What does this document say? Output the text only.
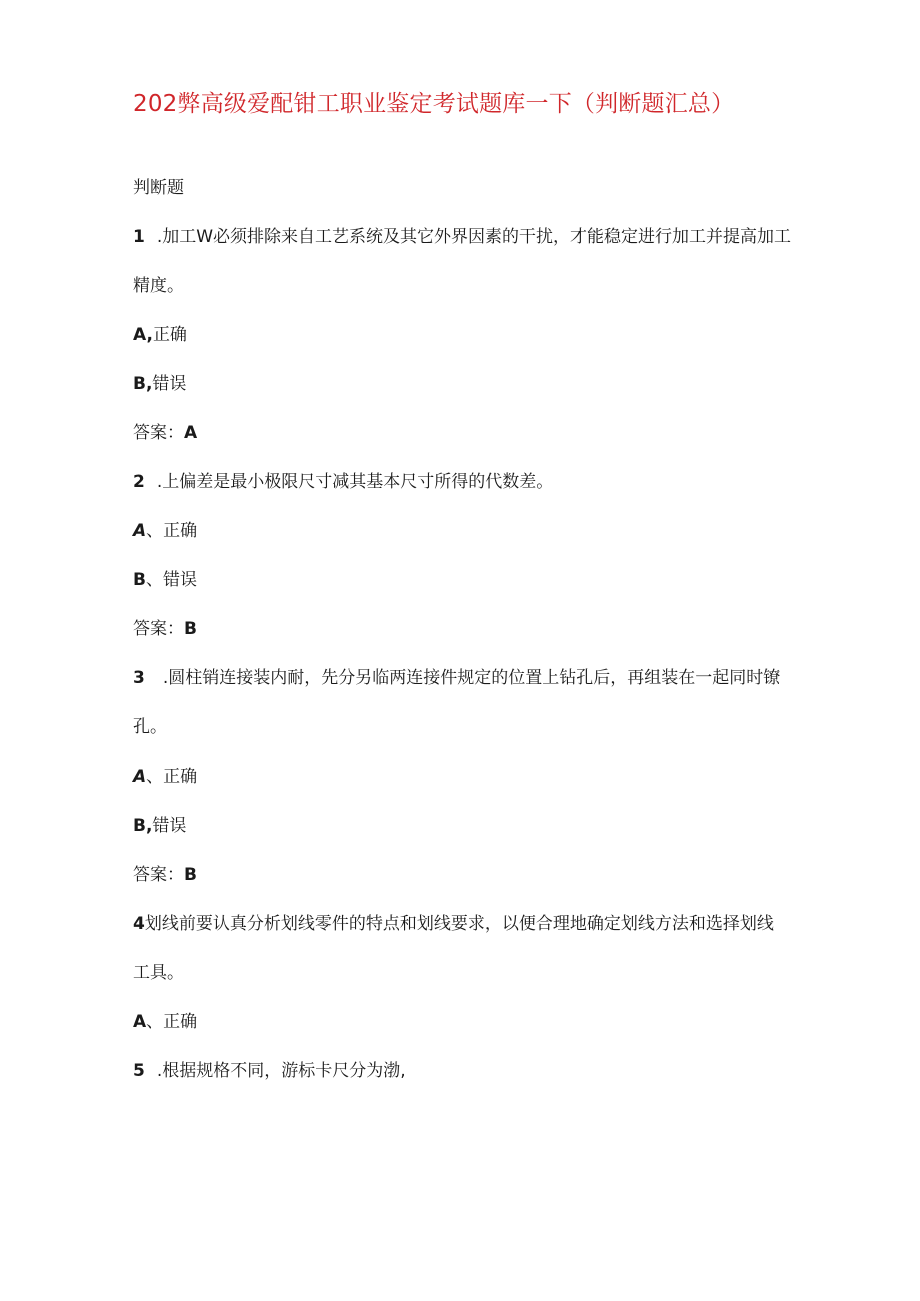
202弊高级爱配钳工职业鉴定考试题库一下（判断题汇总）
判断题
1 .加工W必须排除来自工艺系统及其它外界因素的干扰，才能稳定进行加工并提高加工
精度。
A,正确
B,错误
答案：A
2 .上偏差是最小极限尺寸减其基本尺寸所得的代数差。
A、正确
B、错误
答案：B
3 .圆柱销连接装内耐，先分另临两连接件规定的位置上钻孔后，再组装在一起同时镣
孔。
A、正确
B,错误
答案：B
4划线前要认真分析划线零件的特点和划线要求，以便合理地确定划线方法和选择划线
工具。
A、正确
5 .根据规格不同，游标卡尺分为渤,
